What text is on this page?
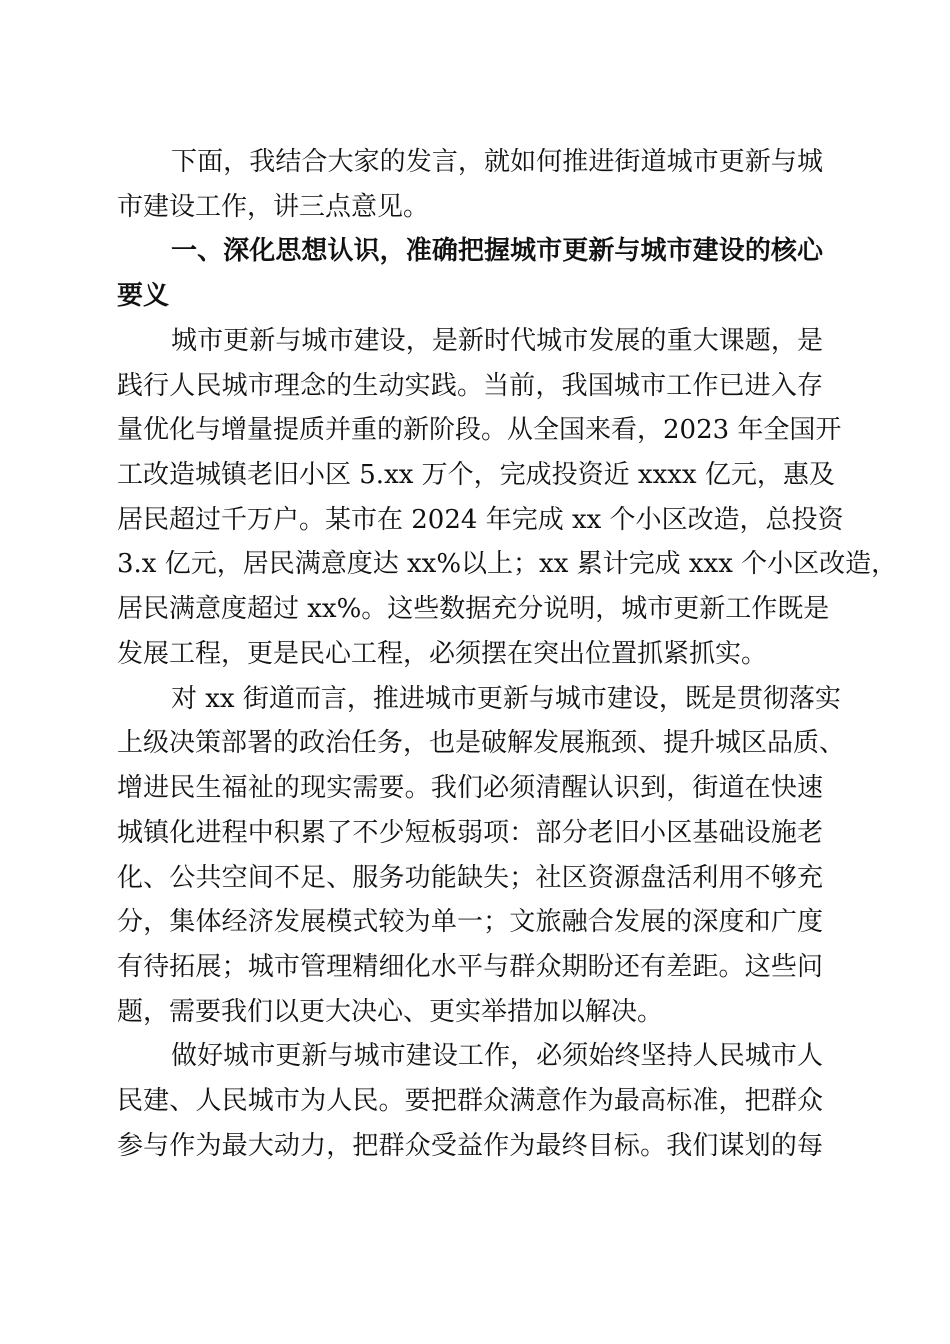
下面，我结合大家的发言，就如何推进街道城市更新与城
市建设工作，讲三点意见。
一、深化思想认识，准确把握城市更新与城市建设的核心
要义
城市更新与城市建设，是新时代城市发展的重大课题，是
践行人民城市理念的生动实践。当前，我国城市工作已进入存
量优化与增量提质并重的新阶段。从全国来看，2023 年全国开
工改造城镇老旧小区 5.xx 万个，完成投资近 xxxx 亿元，惠及
居民超过千万户。某市在 2024 年完成 xx 个小区改造，总投资
3.x 亿元，居民满意度达 xx%以上；xx 累计完成 xxx 个小区改造，
居民满意度超过 xx%。这些数据充分说明，城市更新工作既是
发展工程，更是民心工程，必须摆在突出位置抓紧抓实。
对 xx 街道而言，推进城市更新与城市建设，既是贯彻落实
上级决策部署的政治任务，也是破解发展瓶颈、提升城区品质、
增进民生福祉的现实需要。我们必须清醒认识到，街道在快速
城镇化进程中积累了不少短板弱项：部分老旧小区基础设施老
化、公共空间不足、服务功能缺失；社区资源盘活利用不够充
分，集体经济发展模式较为单一；文旅融合发展的深度和广度
有待拓展；城市管理精细化水平与群众期盼还有差距。这些问
题，需要我们以更大决心、更实举措加以解决。
做好城市更新与城市建设工作，必须始终坚持人民城市人
民建、人民城市为人民。要把群众满意作为最高标准，把群众
参与作为最大动力，把群众受益作为最终目标。我们谋划的每
